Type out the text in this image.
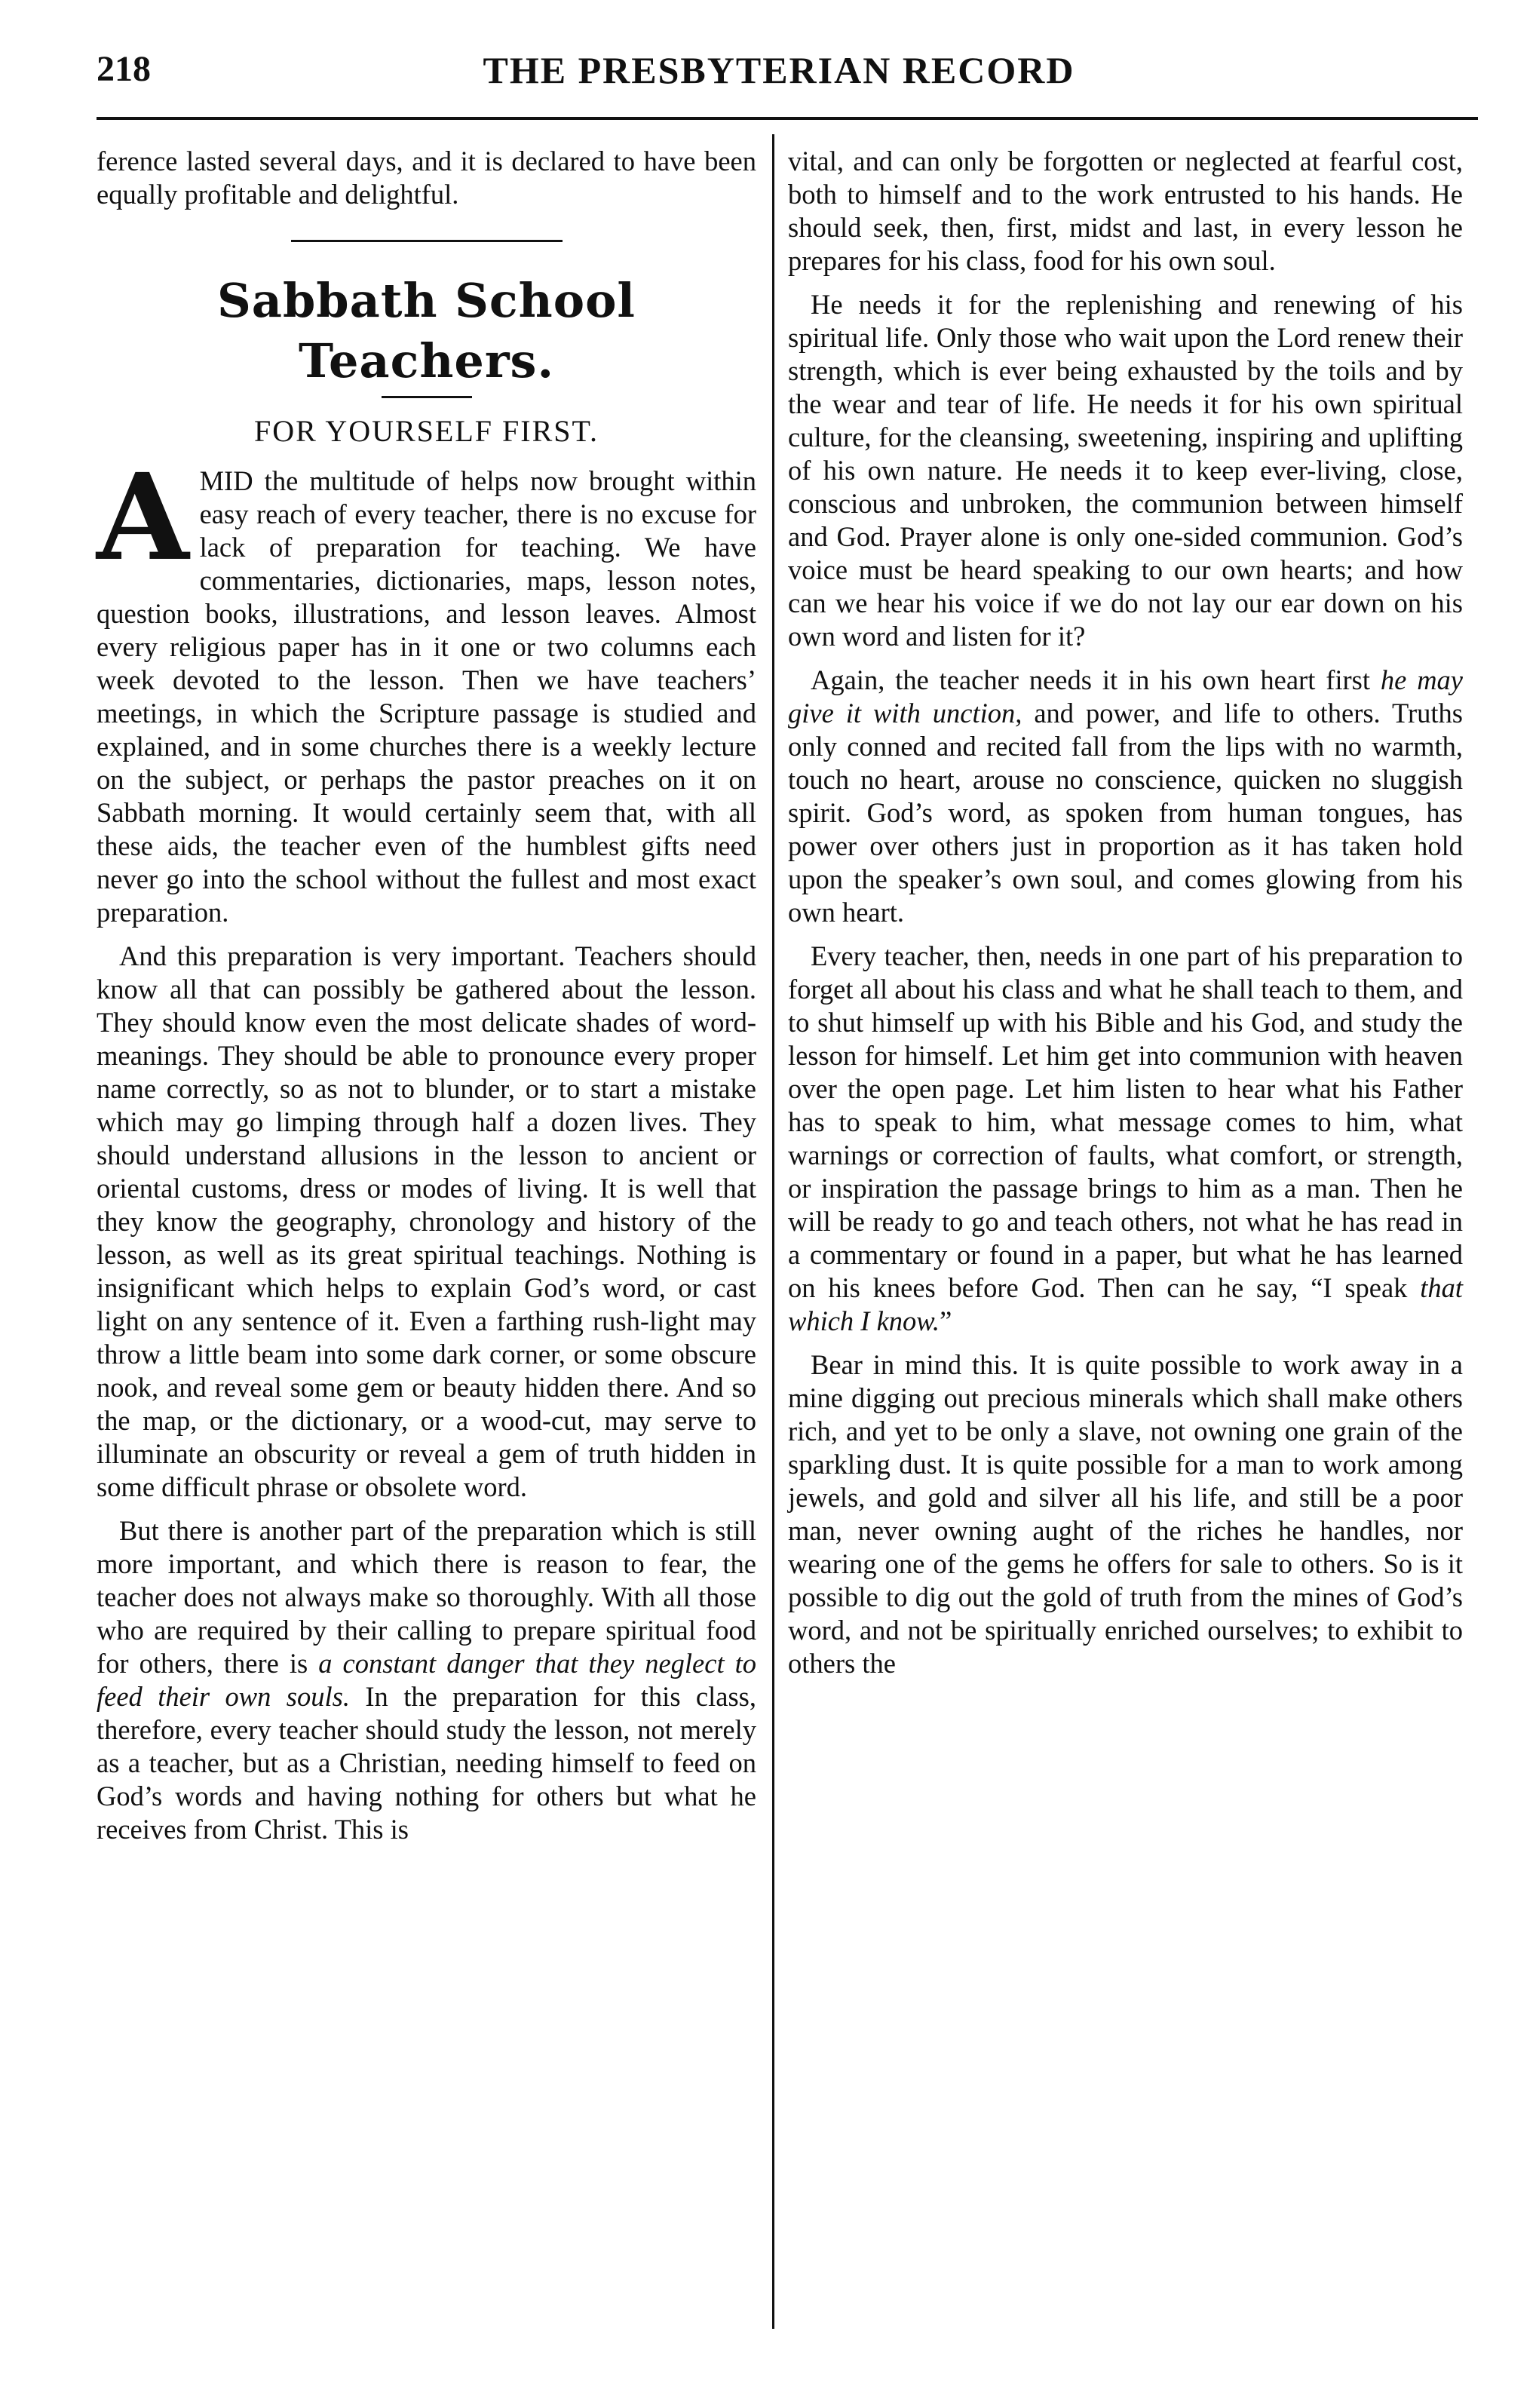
218	THE PRESBYTERIAN RECORD

ference lasted several days, and it is declared to have been equally profitable and delightful.

Sabbath School Teachers.
FOR YOURSELF FIRST.

AMID the multitude of helps now brought within easy reach of every teacher, there is no excuse for lack of preparation for teaching. We have commentaries, dictionaries, maps, lesson notes, question books, illustrations, and lesson leaves. Almost every religious paper has in it one or two columns each week devoted to the lesson. Then we have teachers’ meetings, in which the Scripture passage is studied and explained, and in some churches there is a weekly lecture on the subject, or perhaps the pastor preaches on it on Sabbath morning. It would certainly seem that, with all these aids, the teacher even of the humblest gifts need never go into the school without the fullest and most exact preparation.

And this preparation is very important. Teachers should know all that can possibly be gathered about the lesson. They should know even the most delicate shades of word-meanings. They should be able to pronounce every proper name correctly, so as not to blunder, or to start a mistake which may go limping through half a dozen lives. They should understand allusions in the lesson to ancient or oriental customs, dress or modes of living. It is well that they know the geography, chronology and history of the lesson, as well as its great spiritual teachings. Nothing is insignificant which helps to explain God’s word, or cast light on any sentence of it. Even a farthing rush-light may throw a little beam into some dark corner, or some obscure nook, and reveal some gem or beauty hidden there. And so the map, or the dictionary, or a wood-cut, may serve to illuminate an obscurity or reveal a gem of truth hidden in some difficult phrase or obsolete word.

But there is another part of the preparation which is still more important, and which there is reason to fear, the teacher does not always make so thoroughly. With all those who are required by their calling to prepare spiritual food for others, there is a constant danger that they neglect to feed their own souls. In the preparation for this class, therefore, every teacher should study the lesson, not merely as a teacher, but as a Christian, needing himself to feed on God’s words and having nothing for others but what he receives from Christ. This is

vital, and can only be forgotten or neglected at fearful cost, both to himself and to the work entrusted to his hands. He should seek, then, first, midst and last, in every lesson he prepares for his class, food for his own soul.

He needs it for the replenishing and renewing of his spiritual life. Only those who wait upon the Lord renew their strength, which is ever being exhausted by the toils and by the wear and tear of life. He needs it for his own spiritual culture, for the cleansing, sweetening, inspiring and uplifting of his own nature. He needs it to keep ever-living, close, conscious and unbroken, the communion between himself and God. Prayer alone is only one-sided communion. God’s voice must be heard speaking to our own hearts; and how can we hear his voice if we do not lay our ear down on his own word and listen for it?

Again, the teacher needs it in his own heart first he may give it with unction, and power, and life to others. Truths only conned and recited fall from the lips with no warmth, touch no heart, arouse no conscience, quicken no sluggish spirit. God’s word, as spoken from human tongues, has power over others just in proportion as it has taken hold upon the speaker’s own soul, and comes glowing from his own heart.

Every teacher, then, needs in one part of his preparation to forget all about his class and what he shall teach to them, and to shut himself up with his Bible and his God, and study the lesson for himself. Let him get into communion with heaven over the open page. Let him listen to hear what his Father has to speak to him, what message comes to him, what warnings or correction of faults, what comfort, or strength, or inspiration the passage brings to him as a man. Then he will be ready to go and teach others, not what he has read in a commentary or found in a paper, but what he has learned on his knees before God. Then can he say, “I speak that which I know.”

Bear in mind this. It is quite possible to work away in a mine digging out precious minerals which shall make others rich, and yet to be only a slave, not owning one grain of the sparkling dust. It is quite possible for a man to work among jewels, and gold and silver all his life, and still be a poor man, never owning aught of the riches he handles, nor wearing one of the gems he offers for sale to others. So is it possible to dig out the gold of truth from the mines of God’s word, and not be spiritually enriched ourselves; to exhibit to others the
